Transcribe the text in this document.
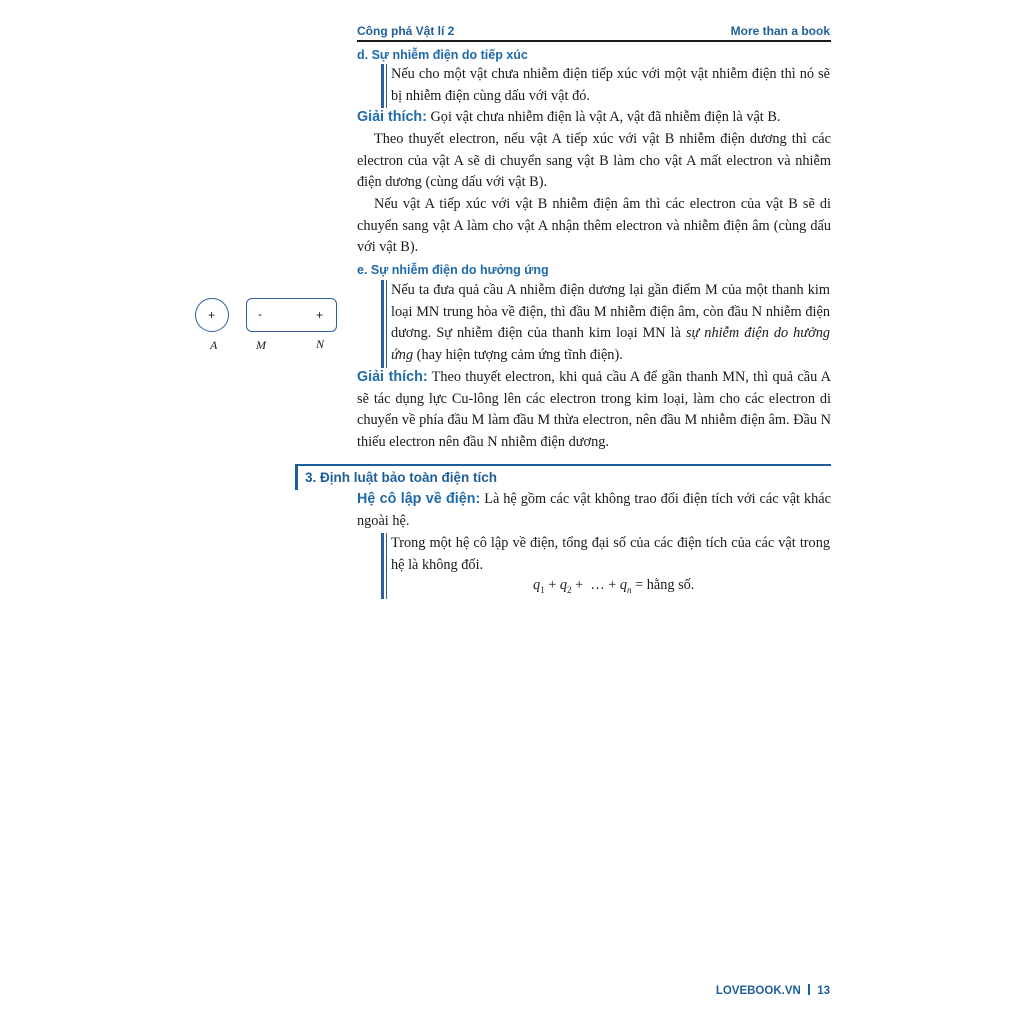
Công phá Vật lí 2	More than a book
d. Sự nhiễm điện do tiếp xúc
Nếu cho một vật chưa nhiễm điện tiếp xúc với một vật nhiễm điện thì nó sẽ bị nhiễm điện cùng dấu với vật đó.
Giải thích: Gọi vật chưa nhiễm điện là vật A, vật đã nhiễm điện là vật B.
Theo thuyết electron, nếu vật A tiếp xúc với vật B nhiễm điện dương thì các electron của vật A sẽ di chuyển sang vật B làm cho vật A mất electron và nhiễm điện dương (cùng dấu với vật B).
Nếu vật A tiếp xúc với vật B nhiễm điện âm thì các electron của vật B sẽ di chuyển sang vật A làm cho vật A nhận thêm electron và nhiễm điện âm (cùng dấu với vật B).
e. Sự nhiễm điện do hưởng ứng
Nếu ta đưa quả cầu A nhiễm điện dương lại gần điểm M của một thanh kim loại MN trung hòa về điện, thì đầu M nhiễm điện âm, còn đầu N nhiễm điện dương. Sự nhiễm điện của thanh kim loại MN là sự nhiễm điện do hưởng ứng (hay hiện tượng cảm ứng tĩnh điện).
Giải thích: Theo thuyết electron, khi quả cầu A để gần thanh MN, thì quả cầu A sẽ tác dụng lực Cu-lông lên các electron trong kim loại, làm cho các electron di chuyển về phía đầu M làm đầu M thừa electron, nên đầu M nhiễm điện âm. Đầu N thiếu electron nên đầu N nhiễm điện dương.
+	-	+
A	M	N
3. Định luật bảo toàn điện tích
Hệ cô lập về điện: Là hệ gồm các vật không trao đổi điện tích với các vật khác ngoài hệ.
Trong một hệ cô lập về điện, tổng đại số của các điện tích của các vật trong hệ là không đổi.
$q_1 + q_2$ +  … + $q_n$ = hằng số.
LOVEBOOK.VN 13
